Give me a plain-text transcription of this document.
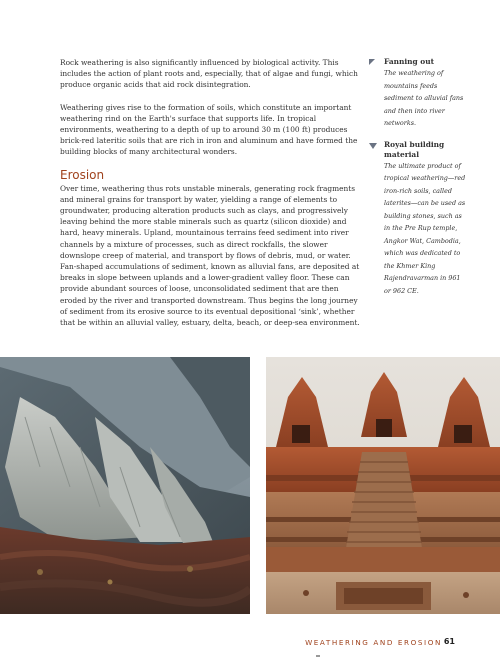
Rock weathering is also significantly influenced by biological activity. This includes the action of plant roots and, especially, that of algae and fungi, which produce organic acids that aid rock disintegration.

Weathering gives rise to the formation of soils, which constitute an important weathering rind on the Earth's surface that supports life. In tropical environments, weathering to a depth of up to around 30 m (100 ft) produces brick-red lateritic soils that are rich in iron and aluminum and have formed the building blocks of many architectural wonders.

Erosion

Over time, weathering thus rots unstable minerals, generating rock fragments and mineral grains for transport by water, yielding a range of elements to groundwater, producing alteration products such as clays, and progressively leaving behind the more stable minerals such as quartz (silicon dioxide) and hard, heavy minerals. Upland, mountainous terrains feed sediment into river channels by a mixture of processes, such as direct rockfalls, the slower downslope creep of material, and transport by flows of debris, mud, or water. Fan-shaped accumulations of sediment, known as alluvial fans, are deposited at breaks in slope between uplands and a lower-gradient valley floor. These can provide abundant sources of loose, unconsolidated sediment that are then eroded by the river and transported downstream. Thus begins the long journey of sediment from its erosive source to its eventual depositional ‘sink’, whether that be within an alluvial valley, estuary, delta, beach, or deep-sea environment.

Fanning out
The weathering of mountains feeds sediment to alluvial fans and then into river networks.
Royal building material
The ultimate product of tropical weathering—red iron-rich soils, called laterites—can be used as building stones, such as in the Pre Rup temple, Angkor Wat, Cambodia, which was dedicated to the Khmer King Rajendravarman in 961 or 962 CE.
WEATHERING AND EROSION 61
